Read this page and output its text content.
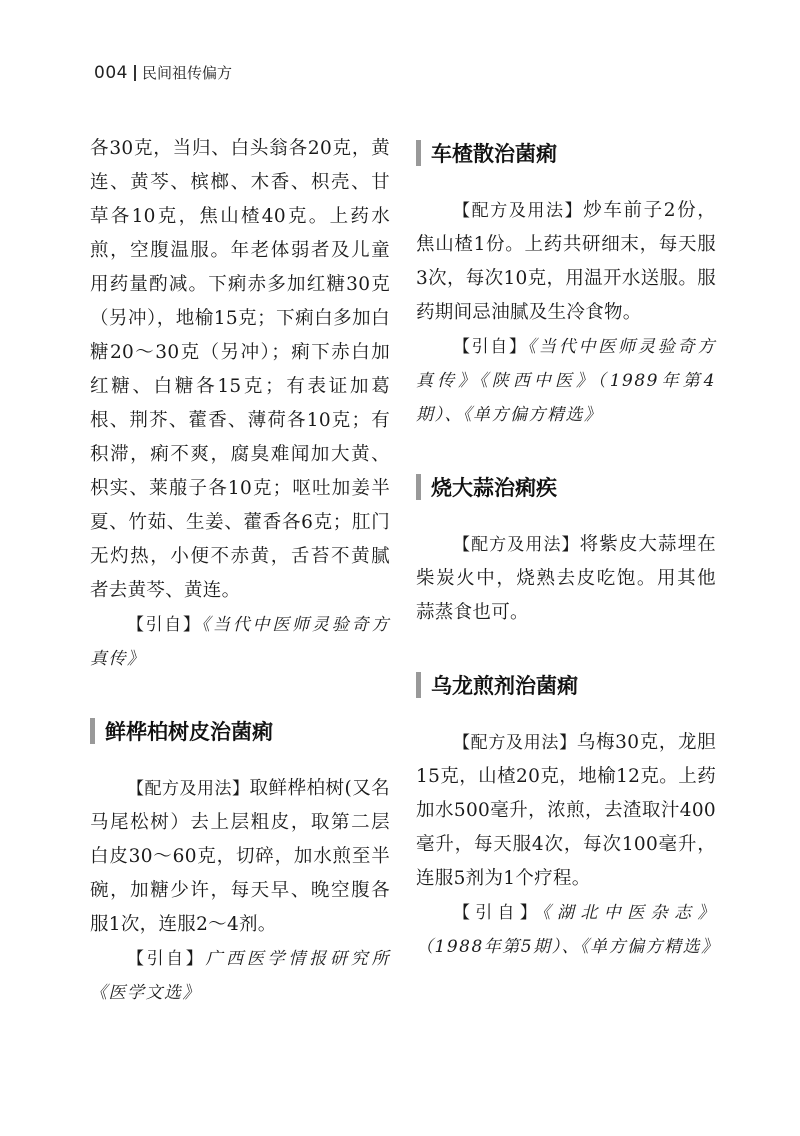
004 民间祖传偏方

各30克，当归、白头翁各20克，黄连、黄芩、槟榔、木香、枳壳、甘草各10克，焦山楂40克。上药水煎，空腹温服。年老体弱者及儿童用药量酌减。下痢赤多加红糖30克（另冲），地榆15克；下痢白多加白糖20～30克（另冲）；痢下赤白加红糖、白糖各15克；有表证加葛根、荆芥、藿香、薄荷各10克；有积滞，痢不爽，腐臭难闻加大黄、枳实、莱菔子各10克；呕吐加姜半夏、竹茹、生姜、藿香各6克；肛门无灼热，小便不赤黄，舌苔不黄腻者去黄芩、黄连。

【引自】《当代中医师灵验奇方真传》

鲜桦柏树皮治菌痢

【配方及用法】取鲜桦柏树(又名马尾松树）去上层粗皮，取第二层白皮30～60克，切碎，加水煎至半碗，加糖少许，每天早、晚空腹各服1次，连服2～4剂。

【引自】广西医学情报研究所《医学文选》

车楂散治菌痢

【配方及用法】炒车前子2份，焦山楂1份。上药共研细末，每天服3次，每次10克，用温开水送服。服药期间忌油腻及生冷食物。

【引自】《当代中医师灵验奇方真传》《陕西中医》（1989年第4期）、《单方偏方精选》

烧大蒜治痢疾

【配方及用法】将紫皮大蒜埋在柴炭火中，烧熟去皮吃饱。用其他蒜蒸食也可。

乌龙煎剂治菌痢

【配方及用法】乌梅30克，龙胆15克，山楂20克，地榆12克。上药加水500毫升，浓煎，去渣取汁400毫升，每天服4次，每次100毫升，连服5剂为1个疗程。

【引自】《湖北中医杂志》（1988年第5期）、《单方偏方精选》
